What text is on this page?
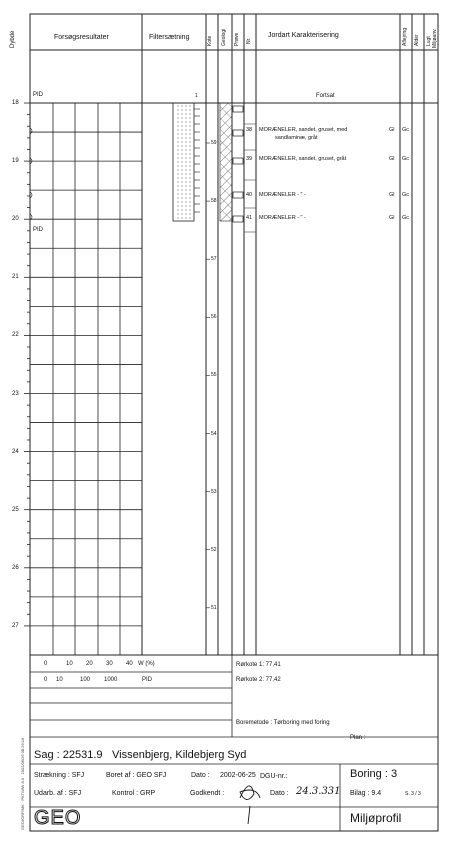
Dybde	Forsøgsresultater	Filtersætning	Kote Geologi Prøve Nr.
Jordart Karakterisering	Aflejring Alder Lugt Miljøanv.
PID	1	Fortsat
PID
18
19
20
21
22
23
24
25
26
27
59
58
57
56
55
54
53
52
51
38 MORÆNELER, sandet, gruset, med
sandlaminæ, gråt
Gl Gc
39 MORÆNELER, sandet, gruset, gråt	Gl Gc
40 MORÆNELER - " -	Gl Gc
41 MORÆNELER - " -	Gl Gc
0	10 20 30 40 W (%)
0 10	100 1000	PID
Rørkote 1: 77,41
Rørkote 2: 77,42
Boremetode : Tørboring med foring
Plan :
GEO/GRP/MK · PKTIMW 8.0 · 2002/06/26 08:26:16 Sag : 22531.9 Vissenbjerg, Kildebjerg Syd
Boring : 3
Strækning : SFJ	Boret af : GEO SFJ	Dato : 2002-06-25 DGU-nr.:
Udarb. af : SFJ	Kontrol : GRP	Godkendt :	Dato : 24.3.331 Bilag : 9.4	S. 3 / 3
GEO	Miljøprofil
